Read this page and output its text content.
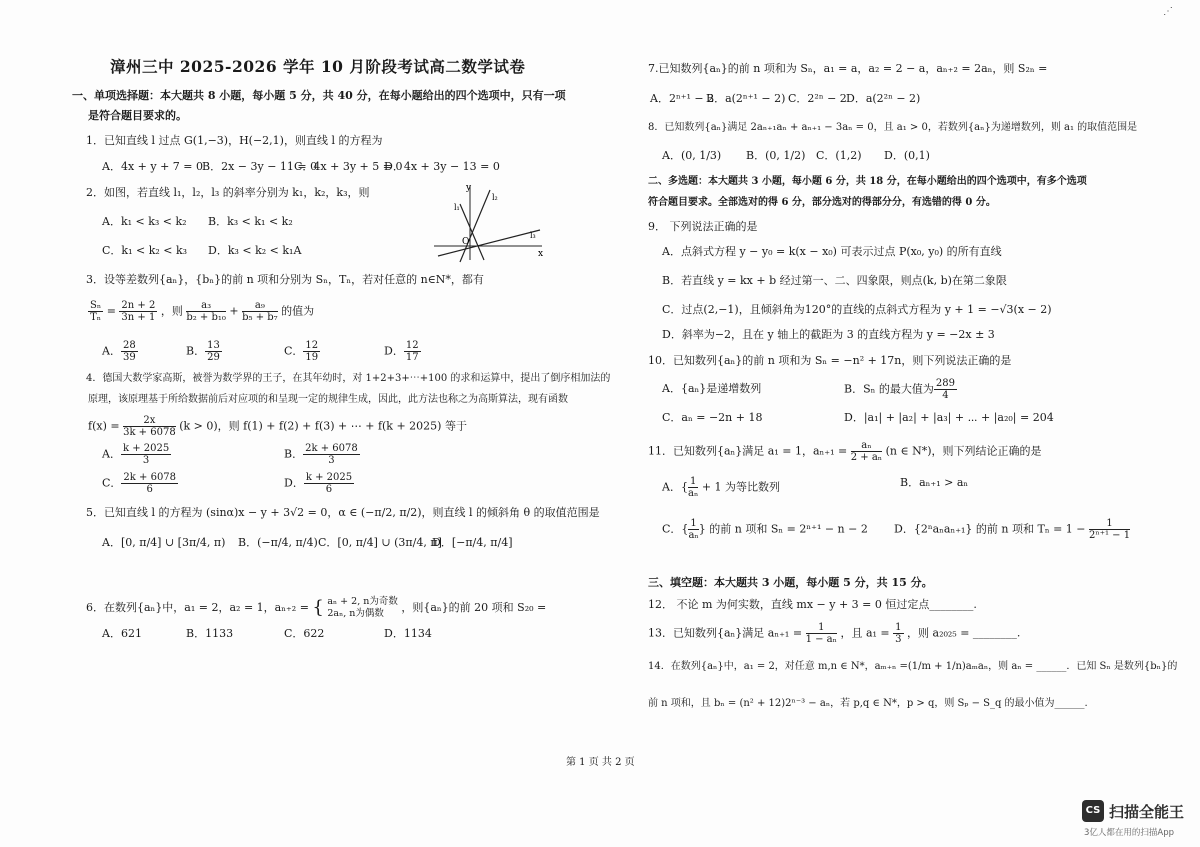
⋰
漳州三中 2025-2026 学年 10 月阶段考试高二数学试卷
一、单项选择题：本大题共 8 小题，每小题 5 分，共 40 分，在每小题给出的四个选项中，只有一项
是符合题目要求的。
1．已知直线 l 过点 G(1,−3)，H(−2,1)，则直线 l 的方程为
A．4x + y + 7 = 0 B．2x − 3y − 11 = 0
C．4x + 3y + 5 = 0
D．4x + 3y − 13 = 0
2．如图，若直线 l₁，l₂，l₃ 的斜率分别为 k₁，k₂，k₃，则
A．k₁ < k₃ < k₂ B．k₃ < k₁ < k₂
C．k₁ < k₂ < k₃ D．k₃ < k₂ < k₁A
y
x
O
l₁
l₂
l₃
3．设等差数列{aₙ}，{bₙ}的前 n 项和分别为 Sₙ，Tₙ，若对任意的 n∈N*，都有
$\frac{\text{Sₙ}}{\text{Tₙ}} = \frac{2n + 2}{3n + 1}$ ，则 $\frac{\text{a₃}}{\text{b₂ + b₁₀}} + \frac{\text{a₉}}{\text{b₅ + b₇}}$ 的值为
A． $\frac{28}{39}$	B． $\frac{13}{29}$	C． $\frac{12}{19}$	D． $\frac{12}{17}$
4．德国大数学家高斯，被誉为数学界的王子，在其年幼时，对 1+2+3+⋯+100 的求和运算中，提出了倒序相加法的
原理，该原理基于所给数据前后对应项的和呈现一定的规律生成，因此，此方法也称之为高斯算法，现有函数
$f(x) = \frac{2x}{3k + 6078} (k > 0)$，则 f(1) + f(2) + f(3) + ⋯ + f(k + 2025) 等于
A． $\frac{k + 2025}{3}$	B． $\frac{2k + 6078}{3}$
C． $\frac{2k + 6078}{6}$	D． $\frac{k + 2025}{6}$
5．已知直线 l 的方程为 (sinα)x − y + 3√2 = 0，α ∈ (−π/2, π/2)，则直线 l 的倾斜角 θ 的取值范围是
A．[0, π/4] ∪ [3π/4, π) B．(−π/4, π/4) C．[0, π/4] ∪ (3π/4, π]
D．[−π/4, π/4]
6．在数列{aₙ}中，a₁ = 2，a₂ = 1，aₙ₊₂ = { aₙ + 2, n为奇数
2aₙ, n为偶数	，则{aₙ}的前 20 项和 S₂₀ =
A．621	B．1133	C．622	D．1134
7.已知数列{aₙ}的前 n 项和为 Sₙ，a₁ = a，a₂ = 2 − a，aₙ₊₂ = 2aₙ，则 S₂ₙ =
A．2ⁿ⁺¹ − 2
B．a(2ⁿ⁺¹ − 2) C．2²ⁿ − 2 D．a(2²ⁿ − 2)
8．已知数列{aₙ}满足 2aₙ₊₁aₙ + aₙ₊₁ − 3aₙ = 0，且 a₁ > 0，若数列{aₙ}为递增数列，则 a₁ 的取值范围是
A．(0, 1/3) B．(0, 1/2) C．(1,2) D．(0,1)
二、多选题：本大题共 3 小题，每小题 6 分，共 18 分，在每小题给出的四个选项中，有多个选项
符合题目要求。全部选对的得 6 分，部分选对的得部分分，有选错的得 0 分。
9． 下列说法正确的是
A．点斜式方程 y − y₀ = k(x − x₀) 可表示过点 P(x₀, y₀) 的所有直线
B．若直线 y = kx + b 经过第一、二、四象限，则点(k, b)在第二象限
C．过点(2,−1)，且倾斜角为120°的直线的点斜式方程为 y + 1 = −√3(x − 2)
D．斜率为−2，且在 y 轴上的截距为 3 的直线方程为 y = −2x ± 3
10．已知数列{aₙ}的前 n 项和为 Sₙ = −n² + 17n，则下列说法正确的是
A．{aₙ}是递增数列	B．Sₙ 的最大值为 $\frac{289}{4}$
C．aₙ = −2n + 18	D．|a₁| + |a₂| + |a₃| + ⋯ + |a₂₀| = 204
11．已知数列{aₙ}满足 a₁ = 1，$a_{n+1} = \frac{\text{aₙ}}{\text{2 + aₙ}} (n$ ∈ N*)，则下列结论正确的是
A．{ $\frac{1}{\text{aₙ}} + 1$ 为等比数列	B．aₙ₊₁ > aₙ
C．{ $\frac{1}{\text{aₙ}}$ } 的前 n 项和 Sₙ = 2ⁿ⁺¹ − n − 2 D．{2ⁿaₙaₙ₊₁} 的前 n 项和 $T_n = 1 - \frac{1}{\text{2ⁿ⁺¹ − 1}}$
三、填空题：本大题共 3 小题，每小题 5 分，共 15 分。
12． 不论 m 为何实数，直线 mx − y + 3 = 0 恒过定点________.
13．已知数列{aₙ}满足 $a_{n+1} = \frac{1}{\text{1 − aₙ}}$ ，且 $a_1 = \frac{1}{3}$ ，则 a₂₀₂₅ = ________.
14．在数列{aₙ}中，a₁ = 2，对任意 m,n ∈ N*，aₘ₊ₙ =(1/m + 1/n)aₘaₙ，则 aₙ = ______．已知 Sₙ 是数列{bₙ}的
前 n 项和，且 bₙ = (n² + 12)2ⁿ⁻³ − aₙ，若 p,q ∈ N*，p > q，则 Sₚ − S_q 的最小值为______.
第 1 页 共 2 页
CS 扫描全能王
3亿人都在用的扫描App
